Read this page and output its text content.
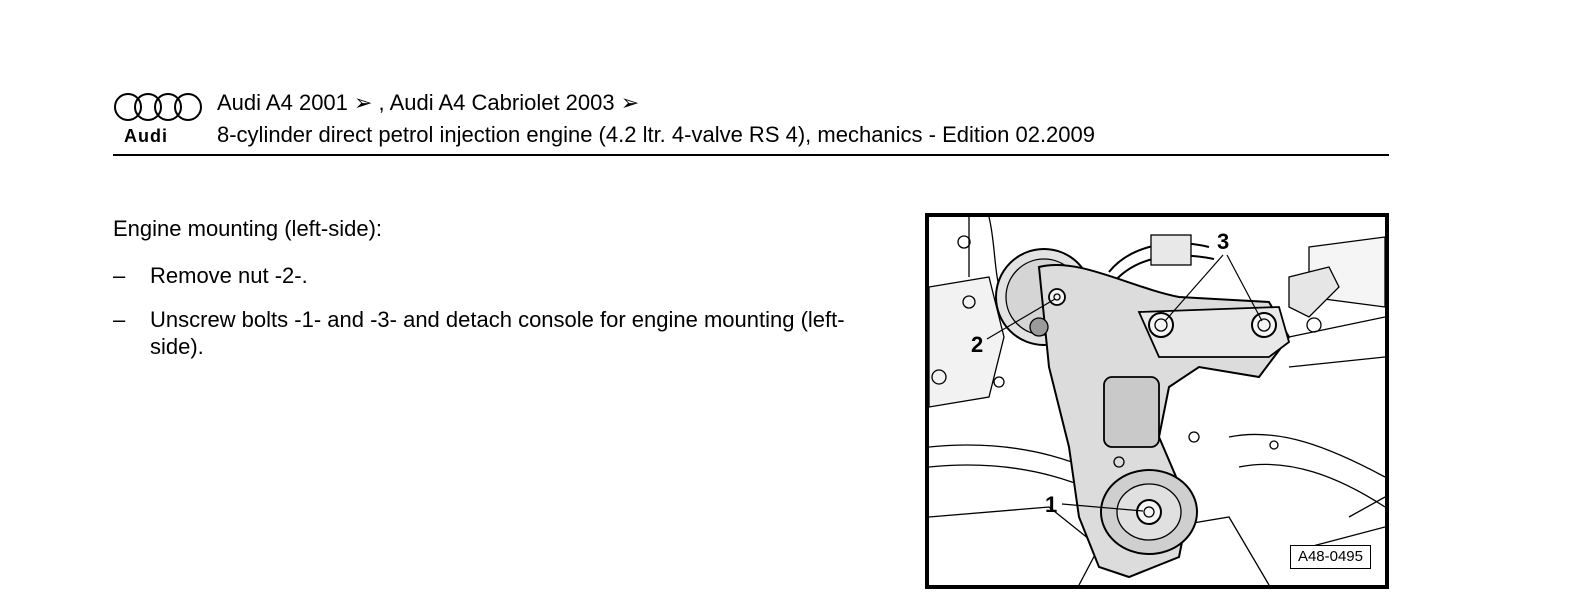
Audi
Audi A4 2001 ➢ , Audi A4 Cabriolet 2003 ➢
8-cylinder direct petrol injection engine (4.2 ltr. 4-valve RS 4), mechanics - Edition 02.2009
Engine mounting (left-side):
– Remove nut -2-.
– Unscrew bolts -1- and -3- and detach console for engine mounting (left-side).	2
3
1
A48-0495
